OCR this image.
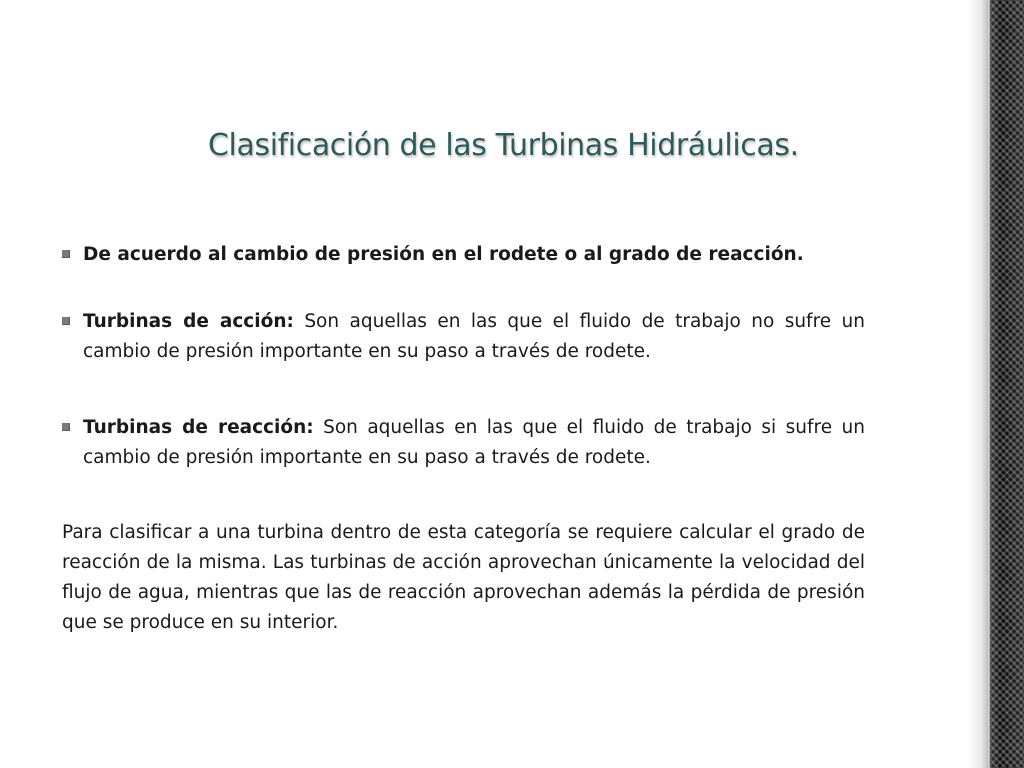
Clasificación de las Turbinas Hidráulicas.

De acuerdo al cambio de presión en el rodete o al grado de reacción.

Turbinas de acción: Son aquellas en las que el fluido de trabajo no sufre un cambio de presión importante en su paso a través de rodete.

Turbinas de reacción: Son aquellas en las que el fluido de trabajo si sufre un cambio de presión importante en su paso a través de rodete.

Para clasificar a una turbina dentro de esta categoría se requiere calcular el grado de reacción de la misma. Las turbinas de acción aprovechan únicamente la velocidad del flujo de agua, mientras que las de reacción aprovechan además la pérdida de presión que se produce en su interior.
